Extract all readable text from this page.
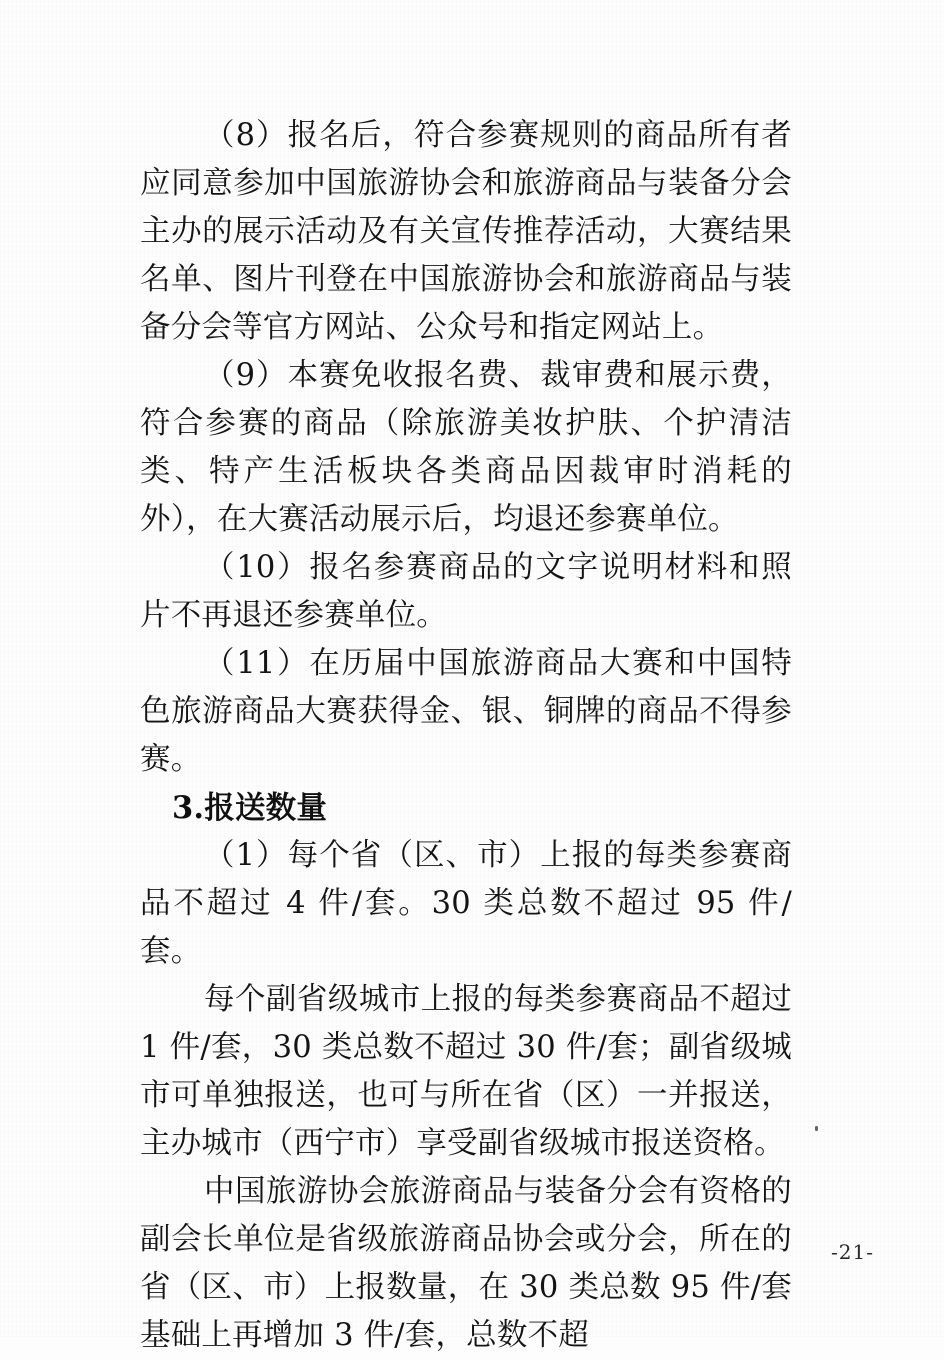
（8）报名后，符合参赛规则的商品所有者应同意参加中国旅游协会和旅游商品与装备分会主办的展示活动及有关宣传推荐活动，大赛结果名单、图片刊登在中国旅游协会和旅游商品与装备分会等官方网站、公众号和指定网站上。

（9）本赛免收报名费、裁审费和展示费，符合参赛的商品（除旅游美妆护肤、个护清洁类、特产生活板块各类商品因裁审时消耗的外），在大赛活动展示后，均退还参赛单位。

（10）报名参赛商品的文字说明材料和照片不再退还参赛单位。

（11）在历届中国旅游商品大赛和中国特色旅游商品大赛获得金、银、铜牌的商品不得参赛。

3.报送数量

（1）每个省（区、市）上报的每类参赛商品不超过 4 件/套。30 类总数不超过 95 件/套。

每个副省级城市上报的每类参赛商品不超过 1 件/套，30 类总数不超过 30 件/套；副省级城市可单独报送，也可与所在省（区）一并报送，主办城市（西宁市）享受副省级城市报送资格。

中国旅游协会旅游商品与装备分会有资格的副会长单位是省级旅游商品协会或分会，所在的省（区、市）上报数量，在 30 类总数 95 件/套基础上再增加 3 件/套，总数不超

-21-
